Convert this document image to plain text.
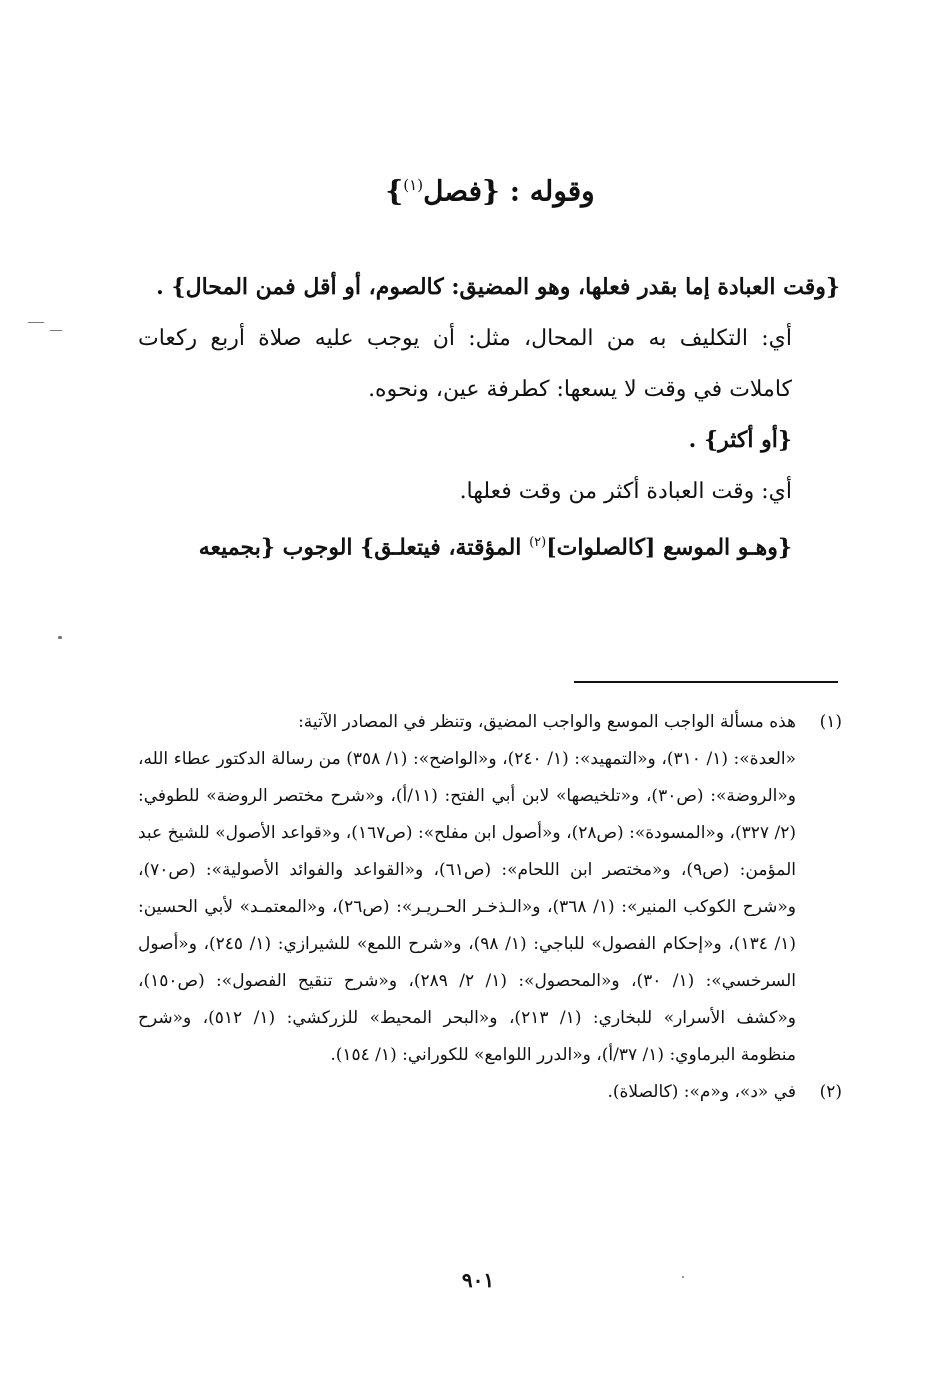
وقوله : {فصل$^{(١)}$}

{وقت العبادة إما بقدر فعلها، وهو المضيق: كالصوم، أو أقل فمن المحال} .

أي: التكليف به من المحال، مثل: أن يوجب عليه صلاة أربع ركعات كاملات في وقت لا يسعها: كطرفة عين، ونحوه.

{أو أكثر} .

أي: وقت العبادة أكثر من وقت فعلها.

{وهـو الموسع [كالصلوات]$^{(٢)}$ المؤقتة، فيتعلـق} الوجوب {بجميعه

(١)
هذه مسألة الواجب الموسع والواجب المضيق، وتنظر في المصادر الآتية:
«العدة»: (١/ ٣١٠)، و«التمهيد»: (١/ ٢٤٠)، و«الواضح»: (١/ ٣٥٨) من رسالة الدكتور عطاء الله، و«الروضة»: (ص٣٠)، و«تلخيصها» لابن أبي الفتح: (١١/أ)، و«شرح مختصر الروضة» للطوفي: (٢/ ٣٢٧)، و«المسودة»: (ص٢٨)، و«أصول ابن مفلح»: (ص١٦٧)، و«قواعد الأصول» للشيخ عبد المؤمن: (ص٩)، و«مختصر ابن اللحام»: (ص٦١)، و«القواعد والفوائد الأصولية»: (ص٧٠)، و«شرح الكوكب المنير»: (١/ ٣٦٨)، و«الـذخـر الحـريـر»: (ص٢٦)، و«المعتمـد» لأبي الحسين: (١/ ١٣٤)، و«إحكام الفصول» للباجي: (١/ ٩٨)، و«شرح اللمع» للشيرازي: (١/ ٢٤٥)، و«أصول السرخسي»: (١/ ٣٠)، و«المحصول»: (١/ ٢/ ٢٨٩)، و«شرح تنقيح الفصول»: (ص١٥٠)، و«كشف الأسرار» للبخاري: (١/ ٢١٣)، و«البحر المحيط» للزركشي: (١/ ٥١٢)، و«شرح منظومة البرماوي: (١/ ٣٧/أ)، و«الدرر اللوامع» للكوراني: (١/ ١٥٤).

(٢)
في «د»، و«م»: (كالصلاة).

٩٠١
